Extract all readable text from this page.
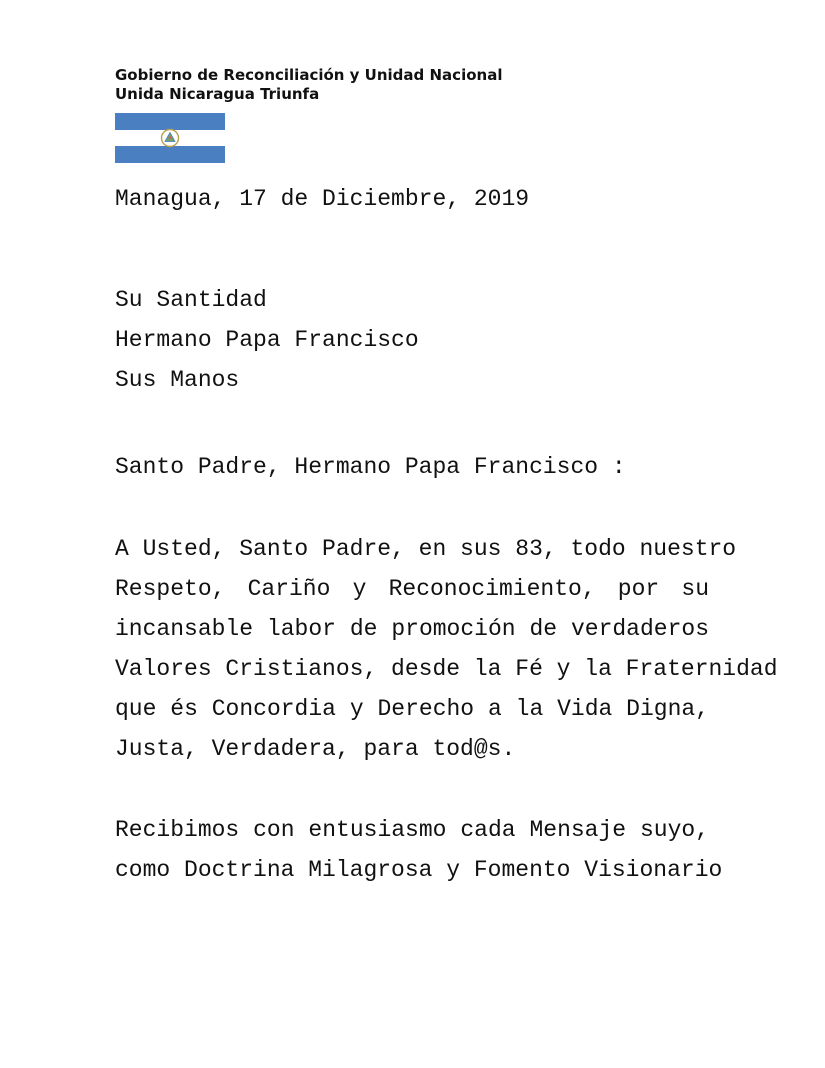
Gobierno de Reconciliación y Unidad Nacional
Unida Nicaragua Triunfa
Managua, 17 de Diciembre, 2019
Su Santidad
Hermano Papa Francisco
Sus Manos
Santo Padre, Hermano Papa Francisco :
A Usted, Santo Padre, en sus 83, todo nuestro
Respeto, Cariño y Reconocimiento, por su
incansable labor de promoción de verdaderos
Valores Cristianos, desde la Fé y la Fraternidad
que és Concordia y Derecho a la Vida Digna,
Justa, Verdadera, para tod@s.
Recibimos con entusiasmo cada Mensaje suyo,
como Doctrina Milagrosa y Fomento Visionario
